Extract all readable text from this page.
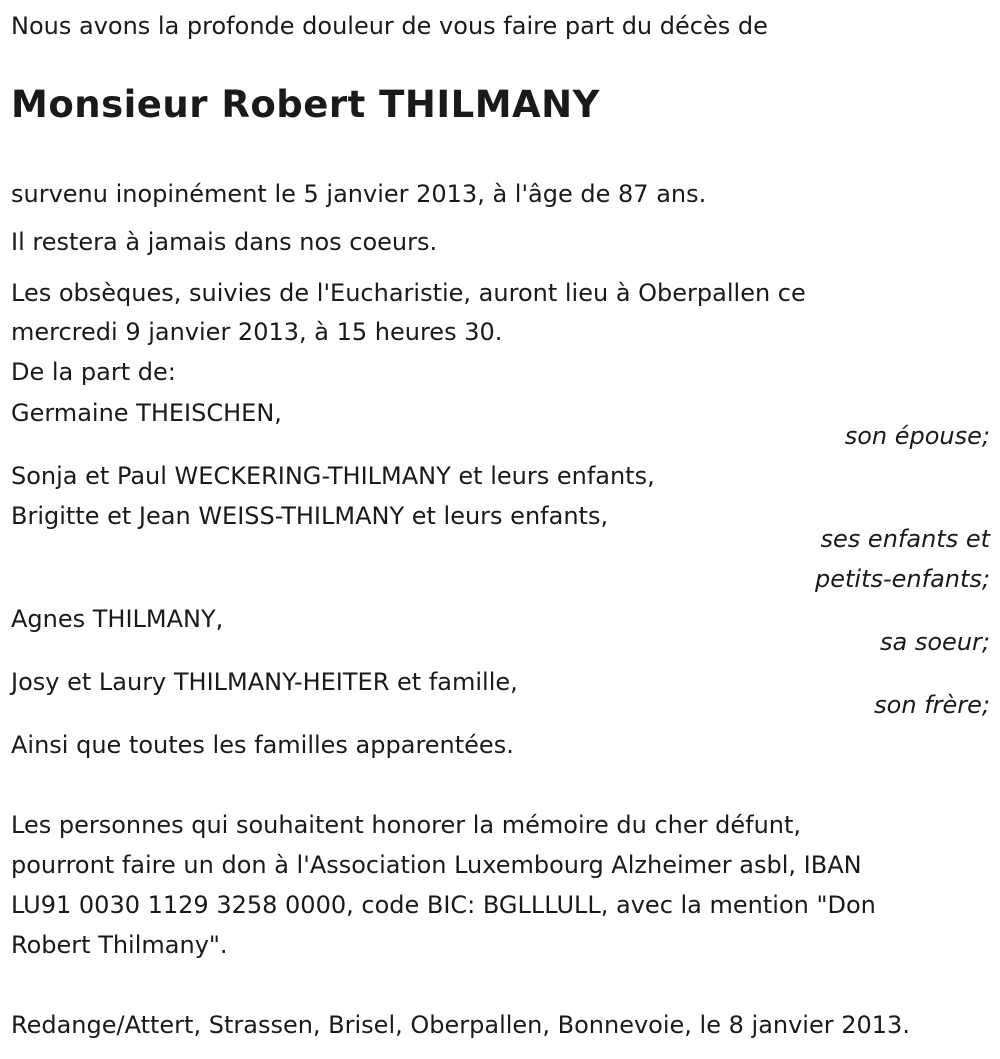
Nous avons la profonde douleur de vous faire part du décès de
Monsieur Robert THILMANY
survenu inopinément le 5 janvier 2013, à l'âge de 87 ans.
Il restera à jamais dans nos coeurs.
Les obsèques, suivies de l'Eucharistie, auront lieu à Oberpallen ce
mercredi 9 janvier 2013, à 15 heures 30.
De la part de:
Germaine THEISCHEN,
son épouse;
Sonja et Paul WECKERING-THILMANY et leurs enfants,
Brigitte et Jean WEISS-THILMANY et leurs enfants,
ses enfants et
petits-enfants;
Agnes THILMANY,
sa soeur;
Josy et Laury THILMANY-HEITER et famille,
son frère;
Ainsi que toutes les familles apparentées.
Les personnes qui souhaitent honorer la mémoire du cher défunt,
pourront faire un don à l'Association Luxembourg Alzheimer asbl, IBAN
LU91 0030 1129 3258 0000, code BIC: BGLLLULL, avec la mention "Don
Robert Thilmany".
Redange/Attert, Strassen, Brisel, Oberpallen, Bonnevoie, le 8 janvier 2013.
